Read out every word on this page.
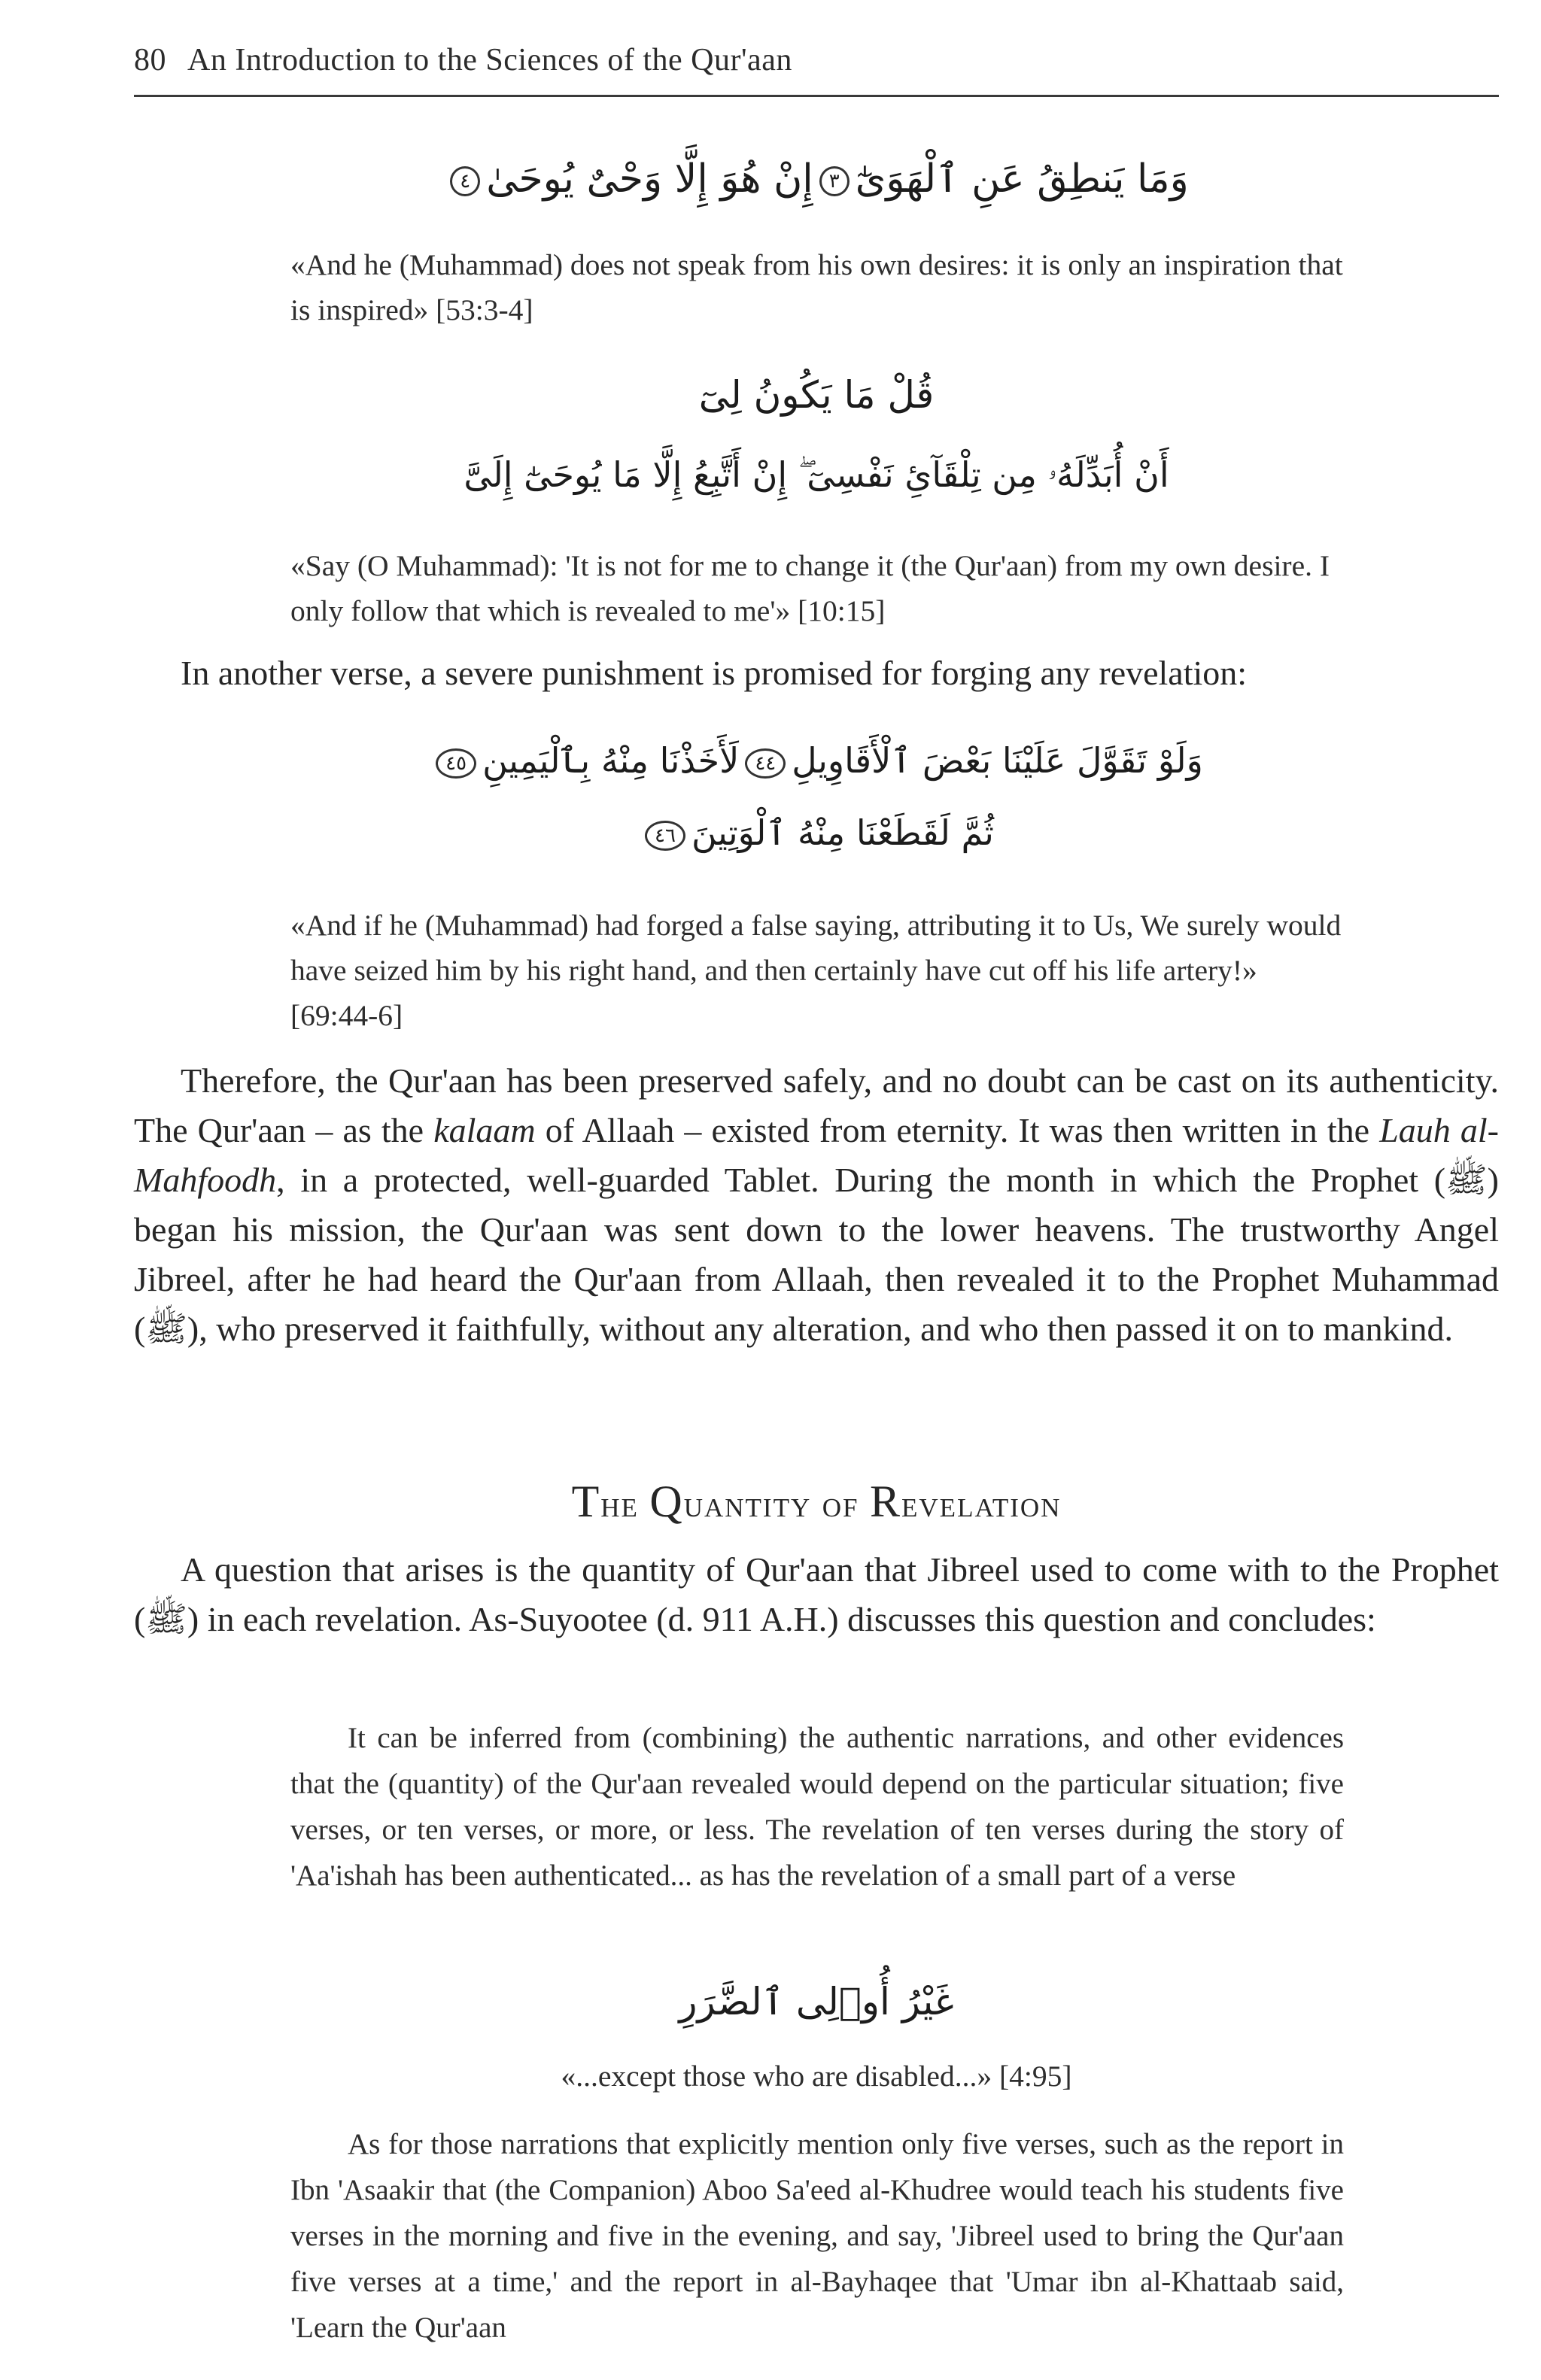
80 An Introduction to the Sciences of the Qur'aan
وَمَا يَنطِقُ عَنِ ٱلْهَوَىٰٓ٣إِنْ هُوَ إِلَّا وَحْىٌ يُوحَىٰ٤
«And he (Muhammad) does not speak from his own desires: it is only an inspiration that is inspired» [53:3-4]
قُلْ مَا يَكُونُ لِىٓ
أَنْ أُبَدِّلَهُۥ مِن تِلْقَآئِ نَفْسِىٓ ۖ إِنْ أَتَّبِعُ إِلَّا مَا يُوحَىٰٓ إِلَىَّ
«Say (O Muhammad): 'It is not for me to change it (the Qur'aan) from my own desire. I only follow that which is revealed to me'» [10:15]
In another verse, a severe punishment is promised for forging any revelation:
وَلَوْ تَقَوَّلَ عَلَيْنَا بَعْضَ ٱلْأَقَاوِيلِ٤٤لَأَخَذْنَا مِنْهُ بِٱلْيَمِينِ٤٥
ثُمَّ لَقَطَعْنَا مِنْهُ ٱلْوَتِينَ٤٦
«And if he (Muhammad) had forged a false saying, attributing it to Us, We surely would have seized him by his right hand, and then certainly have cut off his life artery!» [69:44-6]
Therefore, the Qur'aan has been preserved safely, and no doubt can be cast on its authenticity. The Qur'aan – as the kalaam of Allaah – existed from eternity. It was then written in the Lauh al-Mahfoodh, in a protected, well-guarded Tablet. During the month in which the Prophet (ﷺ) began his mission, the Qur'aan was sent down to the lower heavens. The trustworthy Angel Jibreel, after he had heard the Qur'aan from Allaah, then revealed it to the Prophet Muhammad (ﷺ), who preserved it faithfully, without any alteration, and who then passed it on to mankind.
The Quantity of Revelation
A question that arises is the quantity of Qur'aan that Jibreel used to come with to the Prophet (ﷺ) in each revelation. As-Suyootee (d. 911 A.H.) discusses this question and concludes:
It can be inferred from (combining) the authentic narrations, and other evidences that the (quantity) of the Qur'aan revealed would depend on the particular situation; five verses, or ten verses, or more, or less. The revelation of ten verses during the story of 'Aa'ishah has been authenticated... as has the revelation of a small part of a verse
غَيْرُ أُو۟لِى ٱلضَّرَرِ
«...except those who are disabled...» [4:95]
As for those narrations that explicitly mention only five verses, such as the report in Ibn 'Asaakir that (the Companion) Aboo Sa'eed al-Khudree would teach his students five verses in the morning and five in the evening, and say, 'Jibreel used to bring the Qur'aan five verses at a time,' and the report in al-Bayhaqee that 'Umar ibn al-Khattaab said, 'Learn the Qur'aan
